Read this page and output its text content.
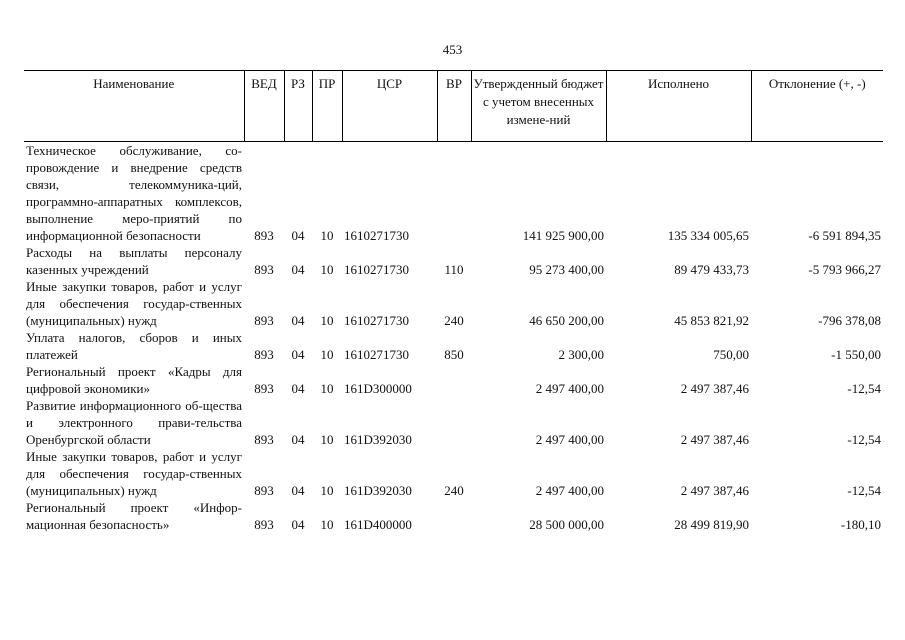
453
Наименование	ВЕД	РЗ	ПР	ЦСР	ВР	Утвержденный бюджет с учетом внесенных измене-ний	Исполнено	Отклонение (+, -)
Техническое обслуживание, со-провождение и внедрение средств связи, телекоммуника-ций, программно-аппаратных комплексов, выполнение меро-приятий по информационной безопасности	893	04	10	1610271730		141 925 900,00	135 334 005,65	-6 591 894,35
Расходы на выплаты персоналу казенных учреждений	893	04	10	1610271730	110	95 273 400,00	89 479 433,73	-5 793 966,27
Иные закупки товаров, работ и услуг для обеспечения государ-ственных (муниципальных) нужд	893	04	10	1610271730	240	46 650 200,00	45 853 821,92	-796 378,08
Уплата налогов, сборов и иных платежей	893	04	10	1610271730	850	2 300,00	750,00	-1 550,00
Региональный проект «Кадры для цифровой экономики»	893	04	10	161D300000		2 497 400,00	2 497 387,46	-12,54
Развитие информационного об-щества и электронного прави-тельства Оренбургской области	893	04	10	161D392030		2 497 400,00	2 497 387,46	-12,54
Иные закупки товаров, работ и услуг для обеспечения государ-ственных (муниципальных) нужд	893	04	10	161D392030	240	2 497 400,00	2 497 387,46	-12,54
Региональный проект «Инфор-мационная безопасность»	893	04	10	161D400000		28 500 000,00	28 499 819,90	-180,10
